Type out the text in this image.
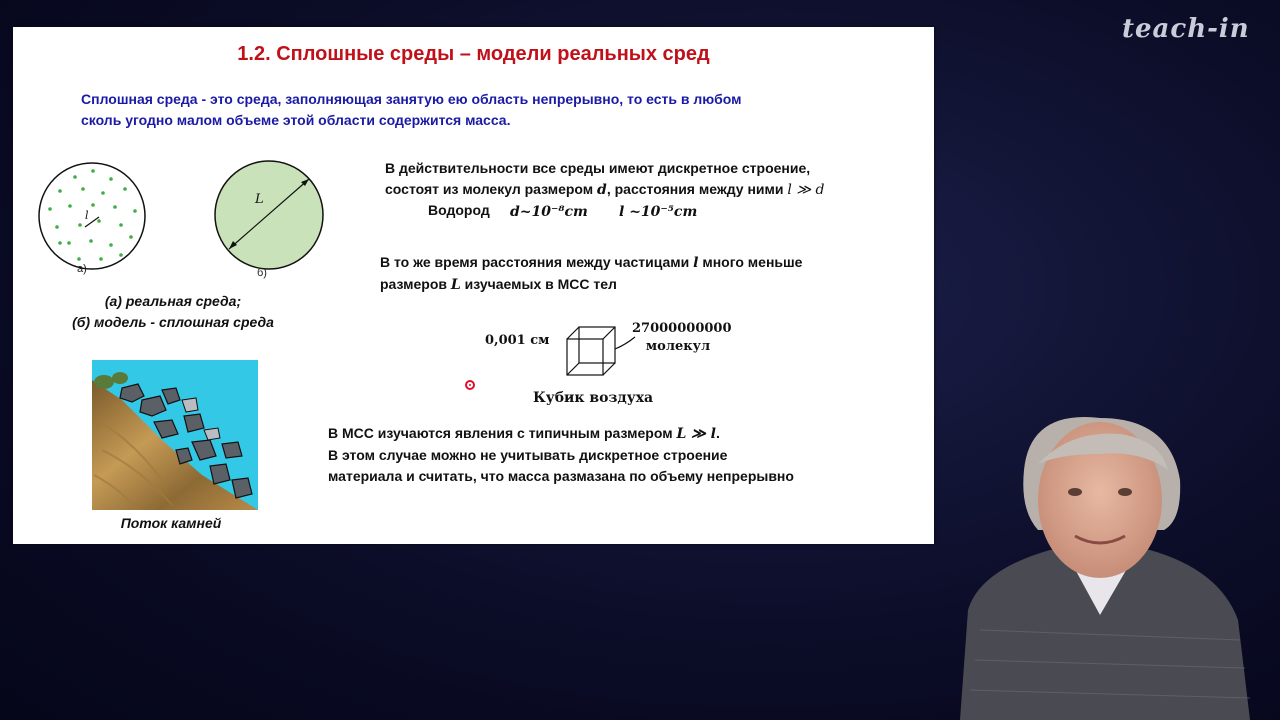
teach-in
1.2. Сплошные среды – модели реальных сред
Сплошная среда - это среда, заполняющая занятую ею область непрерывно, то есть в любом
сколь угодно малом объеме этой области содержится масса.
l
а)
L
б)
(а) реальная среда;
(б) модель - сплошная среда
Поток камней
В действительности все среды имеют дискретное строение,
состоят из молекул размером d, расстояния между ними l ≫ d
Водород d~10⁻⁸cm l ~10⁻⁵cm
В то же время расстояния между частицами l много меньше
размеров L изучаемых в МСС тел
0,001 см
27000000000
молекул
Кубик воздуха
В МСС изучаются явления с типичным размером L ≫ l.
В этом случае можно не учитывать дискретное строение
материала и считать, что масса размазана по объему непрерывно
